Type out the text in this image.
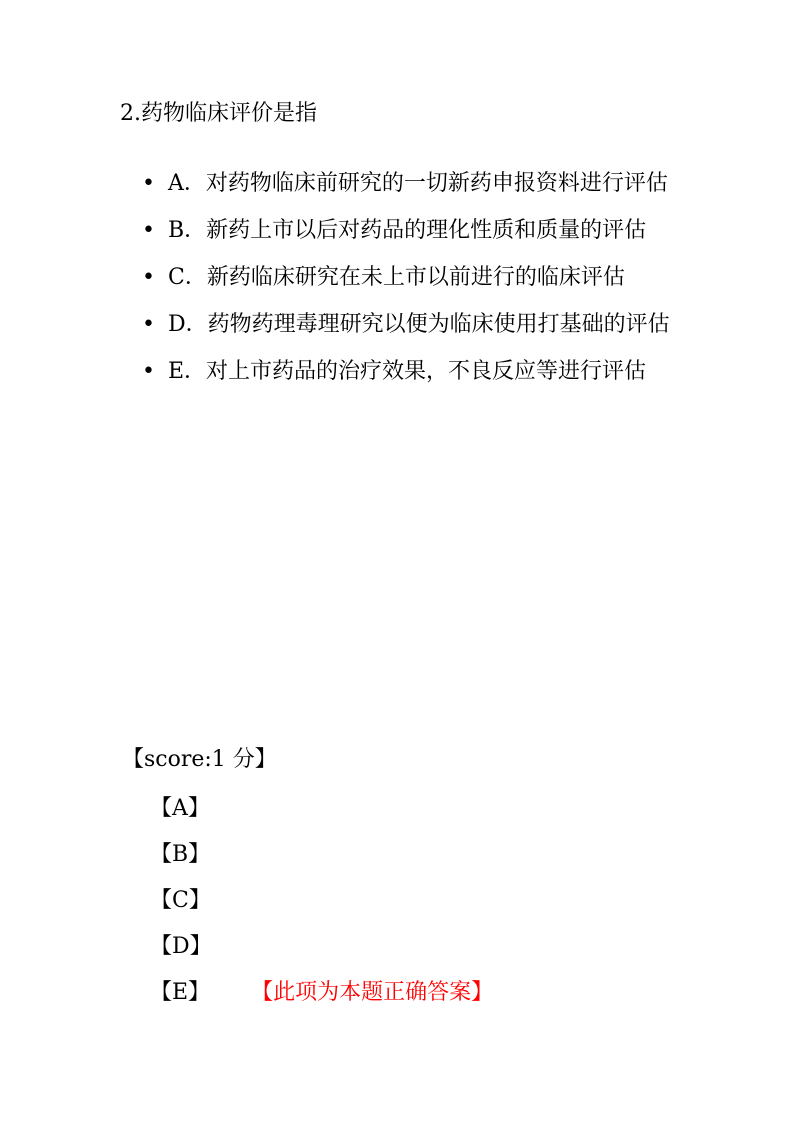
2.药物临床评价是指
• A．对药物临床前研究的一切新药申报资料进行评估
• B．新药上市以后对药品的理化性质和质量的评估
• C．新药临床研究在未上市以前进行的临床评估
• D．药物药理毒理研究以便为临床使用打基础的评估
• E．对上市药品的治疗效果，不良反应等进行评估
【score:1 分】
【A】
【B】
【C】
【D】
【E】 【此项为本题正确答案】
